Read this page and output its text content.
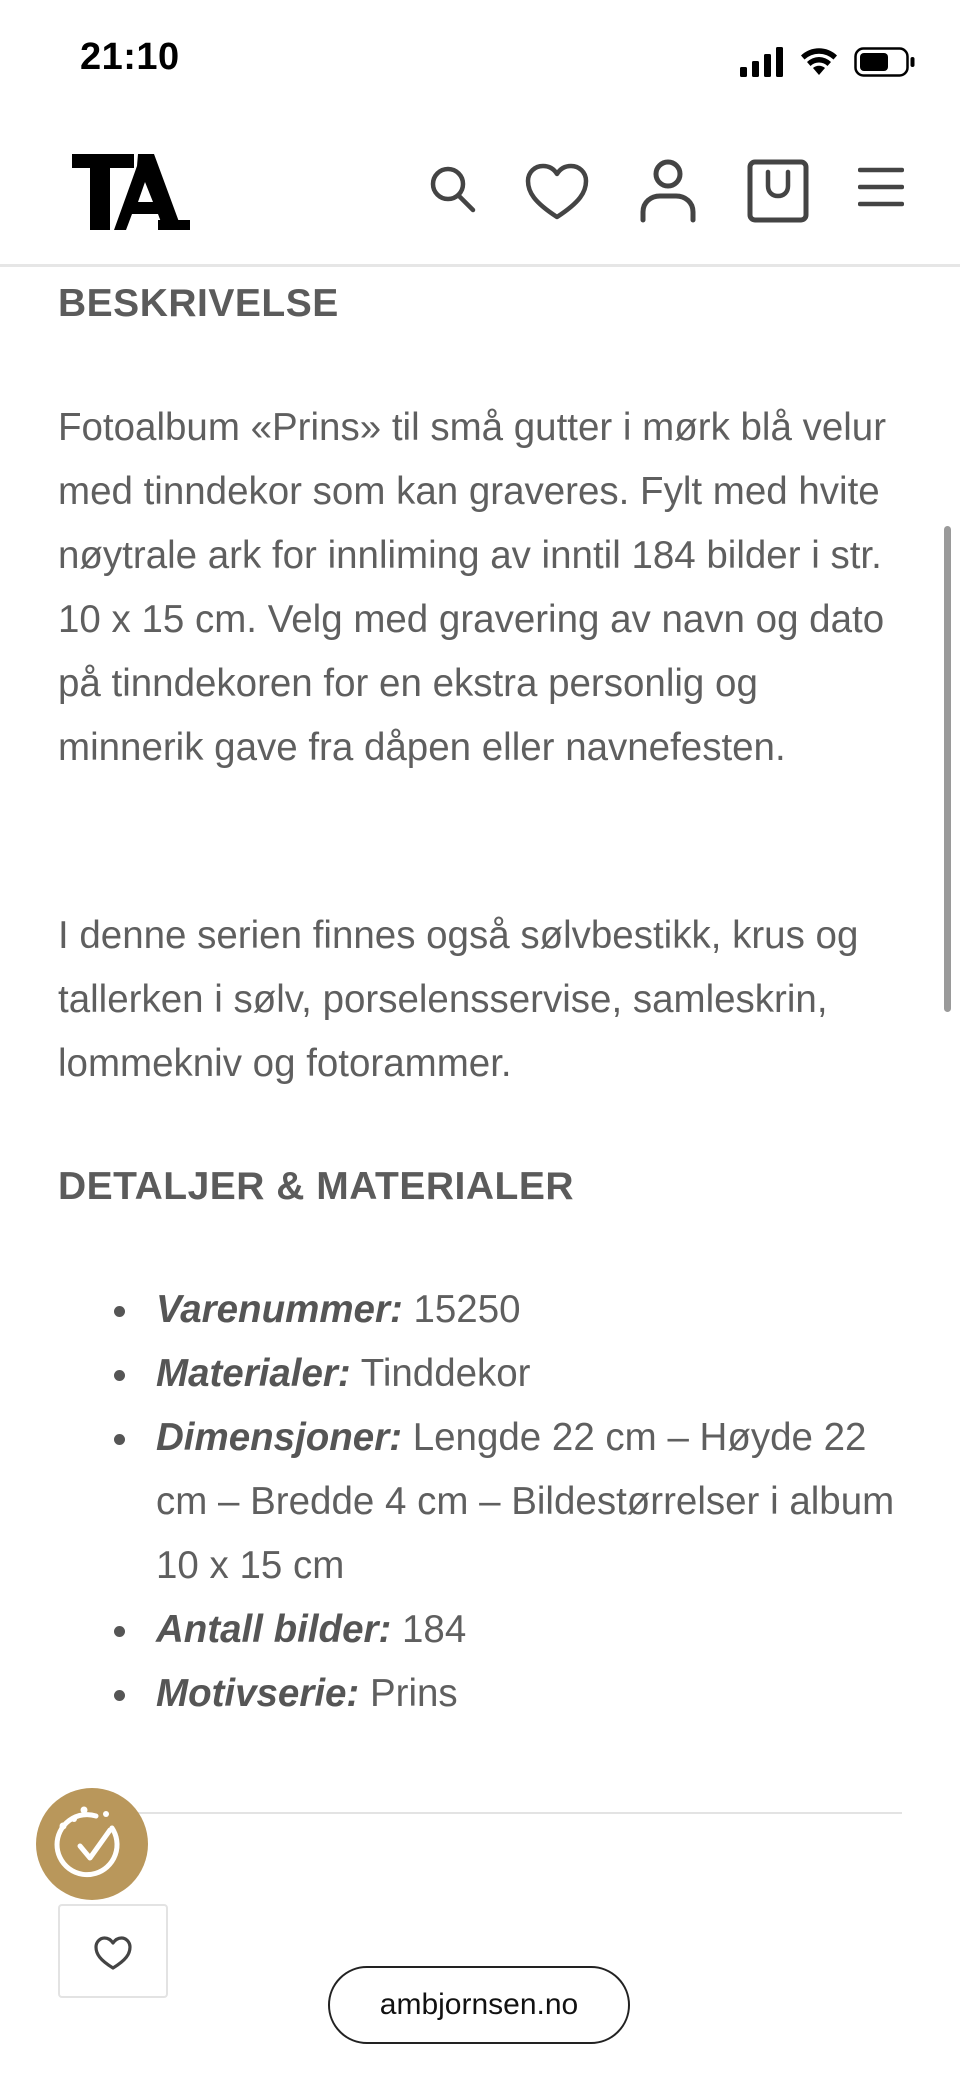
21:10
BESKRIVELSE

Fotoalbum «Prins» til små gutter i mørk blå velur med tinndekor som kan graveres. Fylt med hvite nøytrale ark for innliming av inntil 184 bilder i str. 10 x 15 cm. Velg med gravering av navn og dato på tinndekoren for en ekstra personlig og minnerik gave fra dåpen eller navnefesten.

I denne serien finnes også sølvbestikk, krus og tallerken i sølv, porselensservise, samleskrin, lommekniv og fotorammer.

DETALJER & MATERIALER
Varenummer: 15250
Materialer: Tinddekor
Dimensjoner: Lengde 22 cm – Høyde 22 cm – Bredde 4 cm – Bildestørrelser i album 10 x 15 cm
Antall bilder: 184
Motivserie: Prins
ambjornsen.no
